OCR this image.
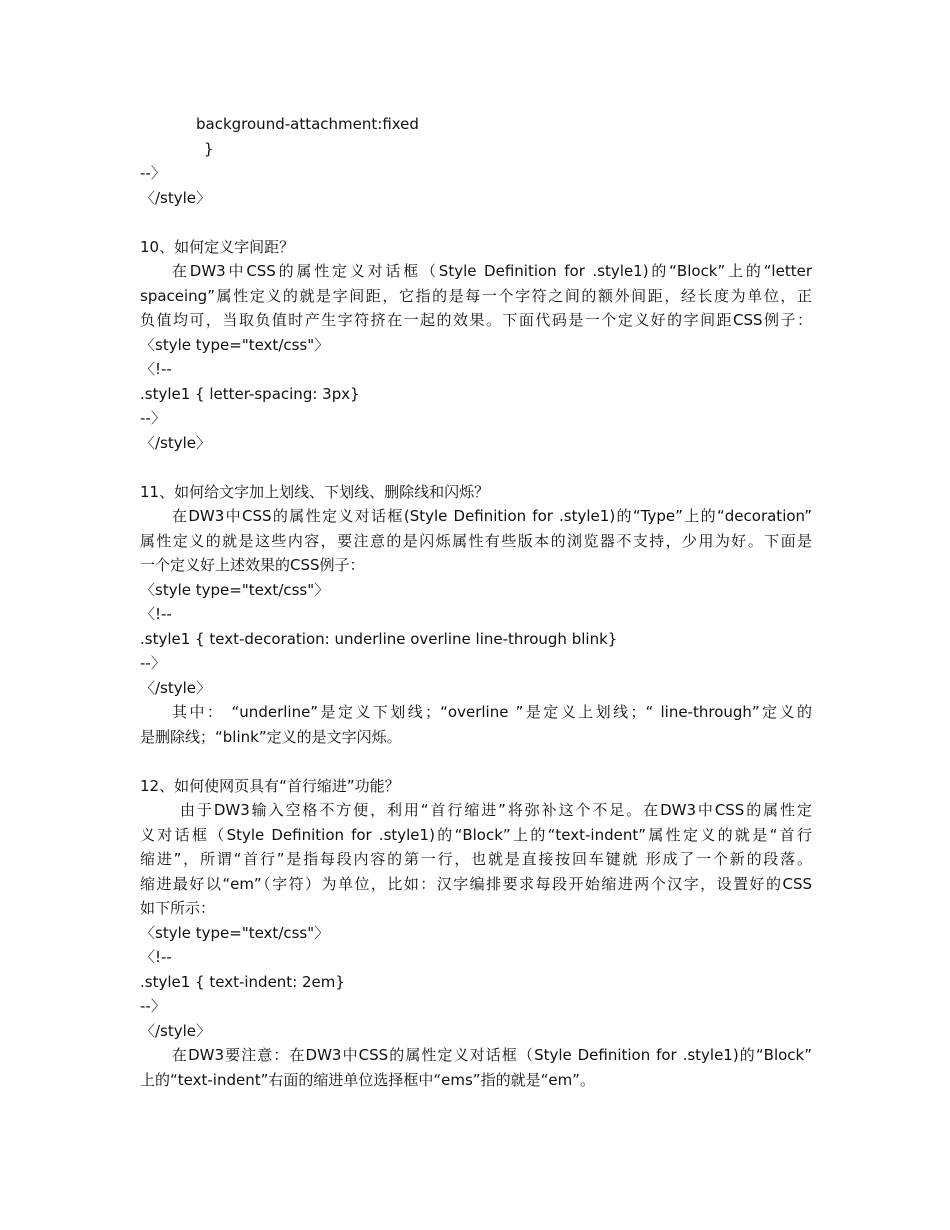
background-attachment:fixed
}
--〉
〈/style〉
10、如何定义字间距？
在DW3中CSS的属性定义对话框（Style Definition for .style1)的“Block”上的“letter
spaceing”属性定义的就是字间距，它指的是每一个字符之间的额外间距，经长度为单位，正
负值均可，当取负值时产生字符挤在一起的效果。下面代码是一个定义好的字间距CSS例子：
〈style type="text/css"〉
〈!--
.style1 { letter-spacing: 3px}
--〉
〈/style〉
11、如何给文字加上划线、下划线、删除线和闪烁？
在DW3中CSS的属性定义对话框(Style Definition for .style1)的“Type”上的“decoration”
属性定义的就是这些内容，要注意的是闪烁属性有些版本的浏览器不支持，少用为好。下面是
一个定义好上述效果的CSS例子：
〈style type="text/css"〉
〈!--
.style1 { text-decoration: underline overline line-through blink}
--〉
〈/style〉
其中： “underline”是定义下划线；“overline ”是定义上划线；“ line-through”定义的
是删除线；“blink”定义的是文字闪烁。
12、如何使网页具有“首行缩进”功能？
由于DW3输入空格不方便，利用“首行缩进”将弥补这个不足。在DW3中CSS的属性定
义对话框（Style Definition for .style1)的“Block”上的“text-indent”属性定义的就是“首行
缩进”，所谓“首行”是指每段内容的第一行，也就是直接按回车键就 形成了一个新的段落。
缩进最好以“em”（字符）为单位，比如：汉字编排要求每段开始缩进两个汉字，设置好的CSS
如下所示：
〈style type="text/css"〉
〈!--
.style1 { text-indent: 2em}
--〉
〈/style〉
在DW3要注意：在DW3中CSS的属性定义对话框（Style Definition for .style1)的“Block”
上的“text-indent”右面的缩进单位选择框中“ems”指的就是“em”。
